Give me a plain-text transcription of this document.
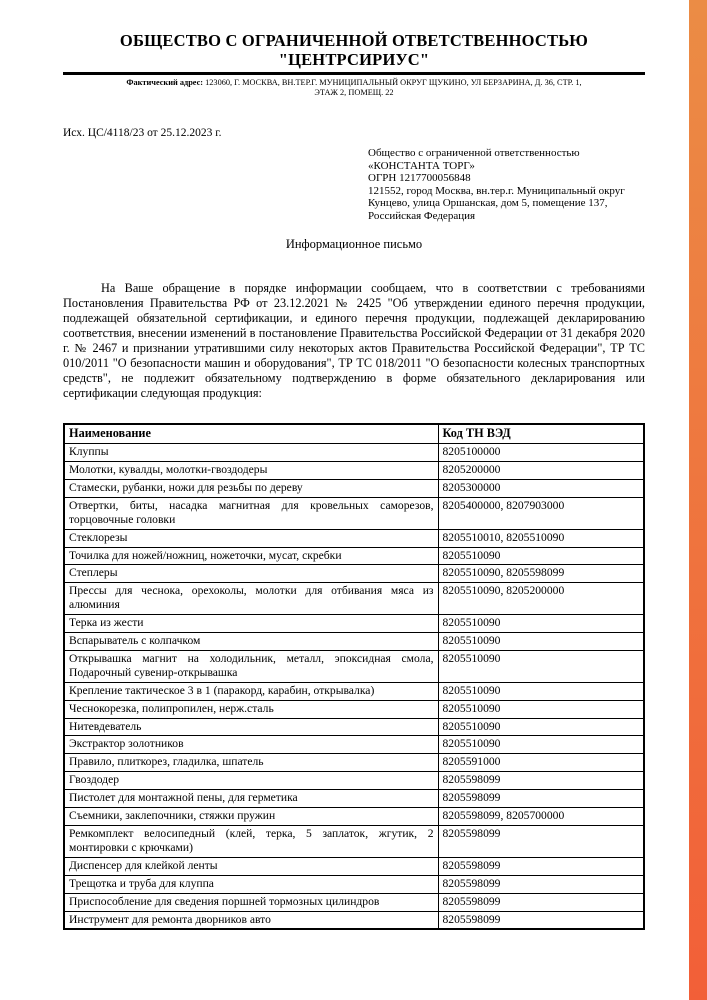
ОБЩЕСТВО С ОГРАНИЧЕННОЙ ОТВЕТСТВЕННОСТЬЮ
"ЦЕНТРСИРИУС"
Фактический адрес: 123060, Г. МОСКВА, ВН.ТЕР.Г. МУНИЦИПАЛЬНЫЙ ОКРУГ ЩУКИНО, УЛ БЕРЗАРИНА, Д. 36, СТР. 1,
ЭТАЖ 2, ПОМЕЩ. 22
Исх. ЦС/4118/23 от 25.12.2023 г.
Общество с ограниченной ответственностью
«КОНСТАНТА ТОРГ»
ОГРН 1217700056848
121552, город Москва, вн.тер.г. Муниципальный округ
Кунцево, улица Оршанская, дом 5, помещение 137,
Российская Федерация
Информационное письмо
На Ваше обращение в порядке информации сообщаем, что в соответствии с требованиями Постановления Правительства РФ от 23.12.2021 № 2425 "Об утверждении единого перечня продукции, подлежащей обязательной сертификации, и единого перечня продукции, подлежащей декларированию соответствия, внесении изменений в постановление Правительства Российской Федерации от 31 декабря 2020 г. № 2467 и признании утратившими силу некоторых актов Правительства Российской Федерации", ТР ТС 010/2011 "О безопасности машин и оборудования", ТР ТС 018/2011 "О безопасности колесных транспортных средств", не подлежит обязательному подтверждению в форме обязательного декларирования или сертификации следующая продукция:
Наименование	Код ТН ВЭД
Клуппы	8205100000
Молотки, кувалды, молотки-гвоздодеры	8205200000
Стамески, рубанки, ножи для резьбы по дереву	8205300000
Отвертки, биты, насадка магнитная для кровельных саморезов, торцовочные головки	8205400000, 8207903000
Стеклорезы	8205510010, 8205510090
Точилка для ножей/ножниц, ножеточки, мусат, скребки	8205510090
Степлеры	8205510090, 8205598099
Прессы для чеснока, орехоколы, молотки для отбивания мяса из алюминия	8205510090, 8205200000
Терка из жести	8205510090
Вспарыватель с колпачком	8205510090
Открывашка магнит на холодильник, металл, эпоксидная смола, Подарочный сувенир-открывашка	8205510090
Крепление тактическое 3 в 1 (паракорд, карабин, открывалка)	8205510090
Чеснокорезка, полипропилен, нерж.сталь	8205510090
Нитевдеватель	8205510090
Экстрактор золотников	8205510090
Правило, плиткорез, гладилка, шпатель	8205591000
Гвоздодер	8205598099
Пистолет для монтажной пены, для герметика	8205598099
Съемники, заклепочники, стяжки пружин	8205598099, 8205700000
Ремкомплект велосипедный (клей, терка, 5 заплаток, жгутик, 2 монтировки с крючками)	8205598099
Диспенсер для клейкой ленты	8205598099
Трещотка и труба для клуппа	8205598099
Приспособление для сведения поршней тормозных цилиндров	8205598099
Инструмент для ремонта дворников авто	8205598099
